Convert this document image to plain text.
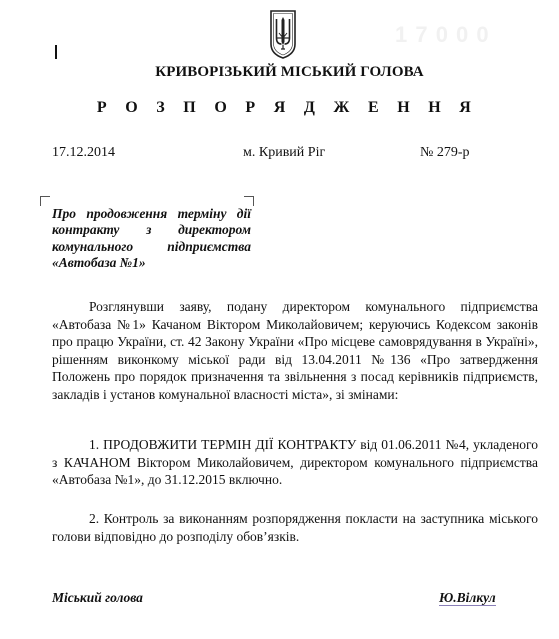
1 7 0 0 0
КРИВОРІЗЬКИЙ МІСЬКИЙ ГОЛОВА
Р О З П О Р Я Д Ж Е Н Н Я
17.12.2014	м. Кривий Ріг	№ 279-р
Про продовження терміну дії
контракту з директором
комунального підприємства
«Автобаза №1»
Розглянувши заяву, подану директором комунального підприємства «Автобаза №1» Качаном Віктором Миколайовичем; керуючись Кодексом законів про працю України, ст. 42 Закону України «Про місцеве самоврядування в Україні», рішенням виконкому міської ради від 13.04.2011 №136 «Про затвердження Положень про порядок призначення та звільнення з посад керівників підприємств, закладів і установ комунальної власності міста», зі змінами:
1. ПРОДОВЖИТИ ТЕРМІН ДІЇ КОНТРАКТУ від 01.06.2011 №4, укладеного з КАЧАНОМ Віктором Миколайовичем, директором комунального підприємства «Автобаза №1», до 31.12.2015 включно.
2. Контроль за виконанням розпорядження покласти на заступника міського голови відповідно до розподілу обов’язків.
Міський голова	Ю.Вілкул
